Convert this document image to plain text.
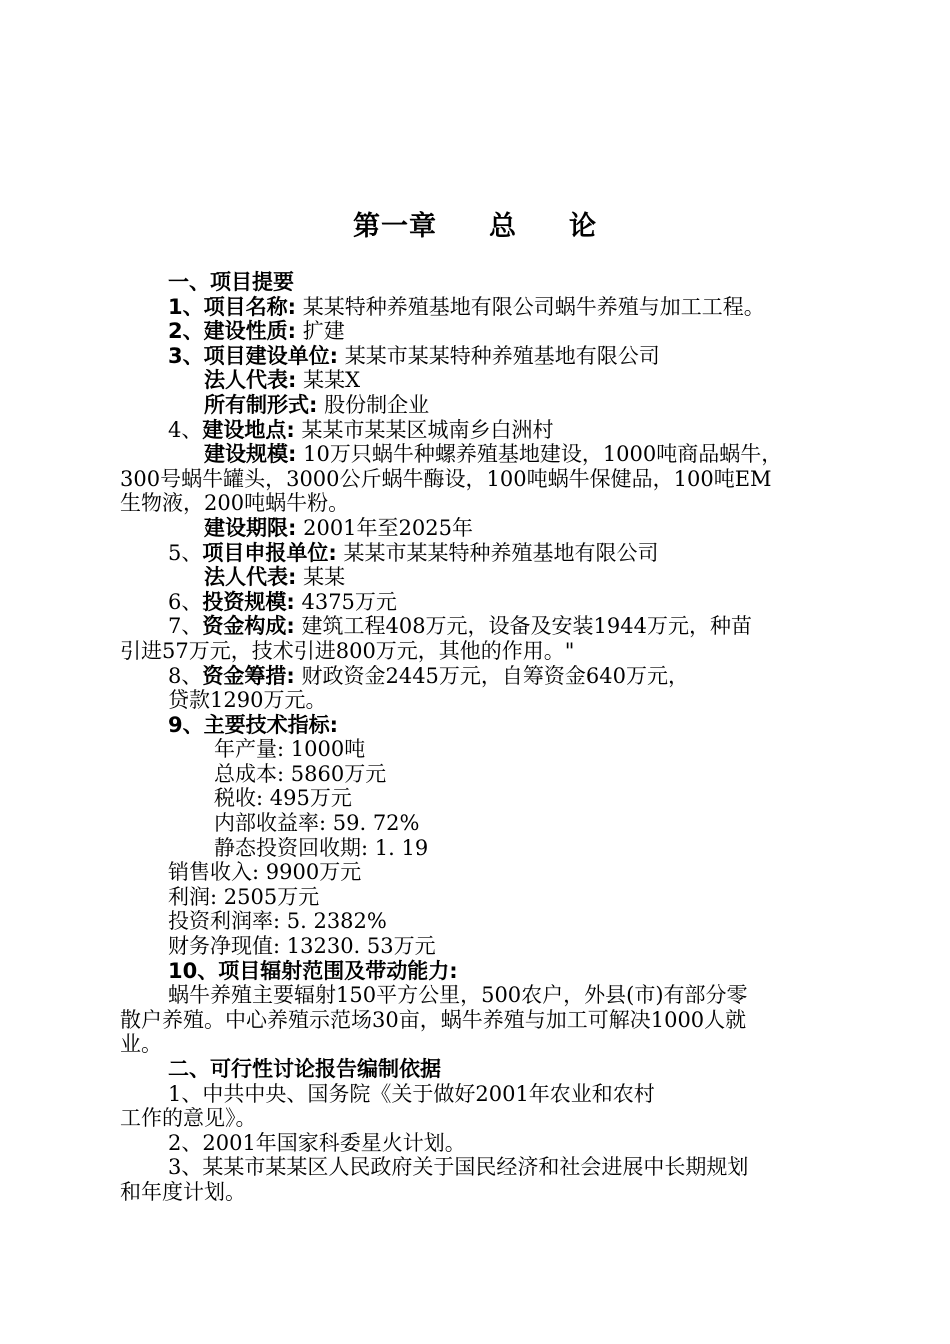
第一章 总 论
一、项目提要
1、项目名称: 某某特种养殖基地有限公司蜗牛养殖与加工工程。
2、建设性质: 扩建
3、项目建设单位: 某某市某某特种养殖基地有限公司
法人代表: 某某X
所有制形式: 股份制企业
4、建设地点: 某某市某某区城南乡白洲村
建设规模: 10万只蜗牛种螺养殖基地建设，1000吨商品蜗牛，
300号蜗牛罐头，3000公斤蜗牛酶设，100吨蜗牛保健品，100吨EM
生物液，200吨蜗牛粉。
建设期限: 2001年至2025年
5、项目申报单位: 某某市某某特种养殖基地有限公司
法人代表: 某某
6、投资规模: 4375万元
7、资金构成: 建筑工程408万元，设备及安装1944万元，种苗
引进57万元，技术引进800万元，其他的作用。"
8、资金筹措: 财政资金2445万元，自筹资金640万元，
贷款1290万元。
9、主要技术指标:
年产量: 1000吨
总成本: 5860万元
税收: 495万元
内部收益率: 59. 72%
静态投资回收期: 1. 19
销售收入: 9900万元
利润: 2505万元
投资利润率: 5. 2382%
财务净现值: 13230. 53万元
10、项目辐射范围及带动能力:
蜗牛养殖主要辐射150平方公里，500农户，外县(市)有部分零
散户养殖。中心养殖示范场30亩，蜗牛养殖与加工可解决1000人就
业。
二、可行性讨论报告编制依据
1、中共中央、国务院《关于做好2001年农业和农村
工作的意见》。
2、2001年国家科委星火计划。
3、某某市某某区人民政府关于国民经济和社会进展中长期规划
和年度计划。
